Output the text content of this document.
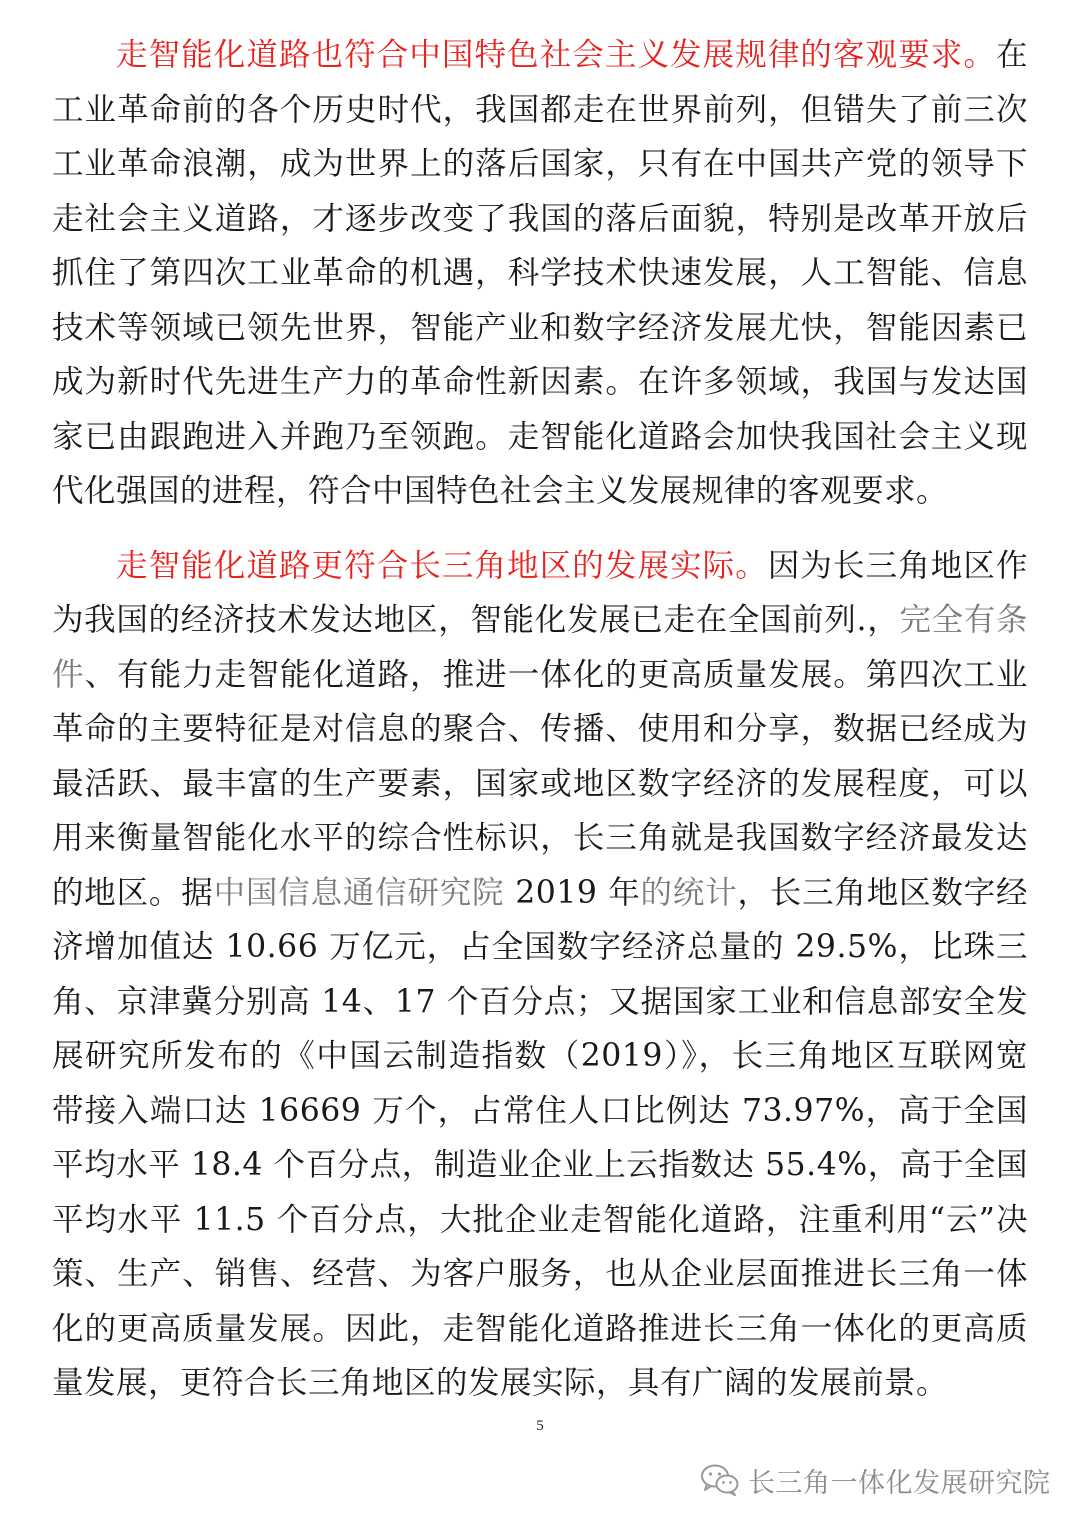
走智能化道路也符合中国特色社会主义发展规律的客观要求。在工业革命前的各个历史时代，我国都走在世界前列，但错失了前三次工业革命浪潮，成为世界上的落后国家，只有在中国共产党的领导下走社会主义道路，才逐步改变了我国的落后面貌，特别是改革开放后抓住了第四次工业革命的机遇，科学技术快速发展，人工智能、信息技术等领域已领先世界，智能产业和数字经济发展尤快，智能因素已成为新时代先进生产力的革命性新因素。在许多领域，我国与发达国家已由跟跑进入并跑乃至领跑。走智能化道路会加快我国社会主义现代化强国的进程，符合中国特色社会主义发展规律的客观要求。

走智能化道路更符合长三角地区的发展实际。因为长三角地区作为我国的经济技术发达地区，智能化发展已走在全国前列.，完全有条件、有能力走智能化道路，推进一体化的更高质量发展。第四次工业革命的主要特征是对信息的聚合、传播、使用和分享，数据已经成为最活跃、最丰富的生产要素，国家或地区数字经济的发展程度，可以用来衡量智能化水平的综合性标识，长三角就是我国数字经济最发达的地区。据中国信息通信研究院 2019 年的统计，长三角地区数字经济增加值达 10.66 万亿元，占全国数字经济总量的 29.5%，比珠三角、京津冀分别高 14、17 个百分点；又据国家工业和信息部安全发展研究所发布的《中国云制造指数（2019）》，长三角地区互联网宽带接入端口达 16669 万个，占常住人口比例达 73.97%，高于全国平均水平 18.4 个百分点，制造业企业上云指数达 55.4%，高于全国平均水平 11.5 个百分点，大批企业走智能化道路，注重利用“云”决策、生产、销售、经营、为客户服务，也从企业层面推进长三角一体化的更高质量发展。因此，走智能化道路推进长三角一体化的更高质量发展，更符合长三角地区的发展实际，具有广阔的发展前景。

5
长三角一体化发展研究院
